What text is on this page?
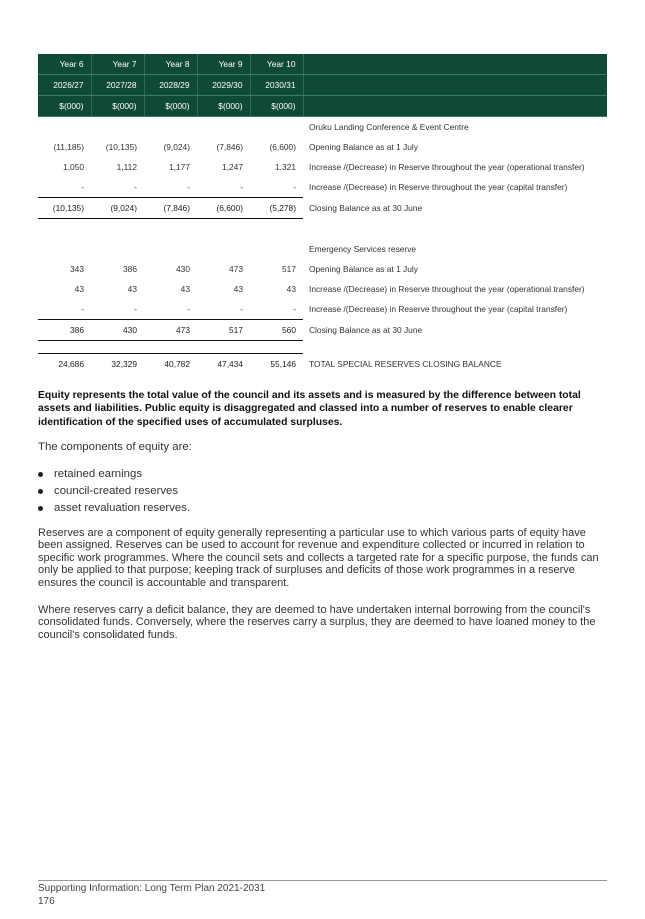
Year 6	Year 7	Year 8	Year 9	Year 10	
2026/27	2027/28	2028/29	2029/30	2030/31	
$(000)	$(000)	$(000)	$(000)	$(000)	
					Oruku Landing Conference & Event Centre
(11,185)	(10,135)	(9,024)	(7,846)	(6,600)	Opening Balance as at 1 July
1,050	1,112	1,177	1,247	1,321	Increase /(Decrease) in Reserve throughout the year (operational transfer)
-	-	-	-	-	Increase /(Decrease) in Reserve throughout the year (capital transfer)
(10,135)	(9,024)	(7,846)	(6,600)	(5,278)	Closing Balance as at 30 June

					Emergency Services reserve
343	386	430	473	517	Opening Balance as at 1 July
43	43	43	43	43	Increase /(Decrease) in Reserve throughout the year (operational transfer)
-	-	-	-	-	Increase /(Decrease) in Reserve throughout the year (capital transfer)
386	430	473	517	560	Closing Balance as at 30 June

24,686	32,329	40,782	47,434	55,146	TOTAL SPECIAL RESERVES CLOSING BALANCE

Equity represents the total value of the council and its assets and is measured by the difference between total assets and liabilities. Public equity is disaggregated and classed into a number of reserves to enable clearer identification of the specified uses of accumulated surpluses.

The components of equity are:

retained earnings
council-created reserves
asset revaluation reserves.

Reserves are a component of equity generally representing a particular use to which various parts of equity have been assigned. Reserves can be used to account for revenue and expenditure collected or incurred in relation to specific work programmes. Where the council sets and collects a targeted rate for a specific purpose, the funds can only be applied to that purpose; keeping track of surpluses and deficits of those work programmes in a reserve ensures the council is accountable and transparent.

Where reserves carry a deficit balance, they are deemed to have undertaken internal borrowing from the council's consolidated funds. Conversely, where the reserves carry a surplus, they are deemed to have loaned money to the council's consolidated funds.

Supporting Information: Long Term Plan 2021-2031
176
